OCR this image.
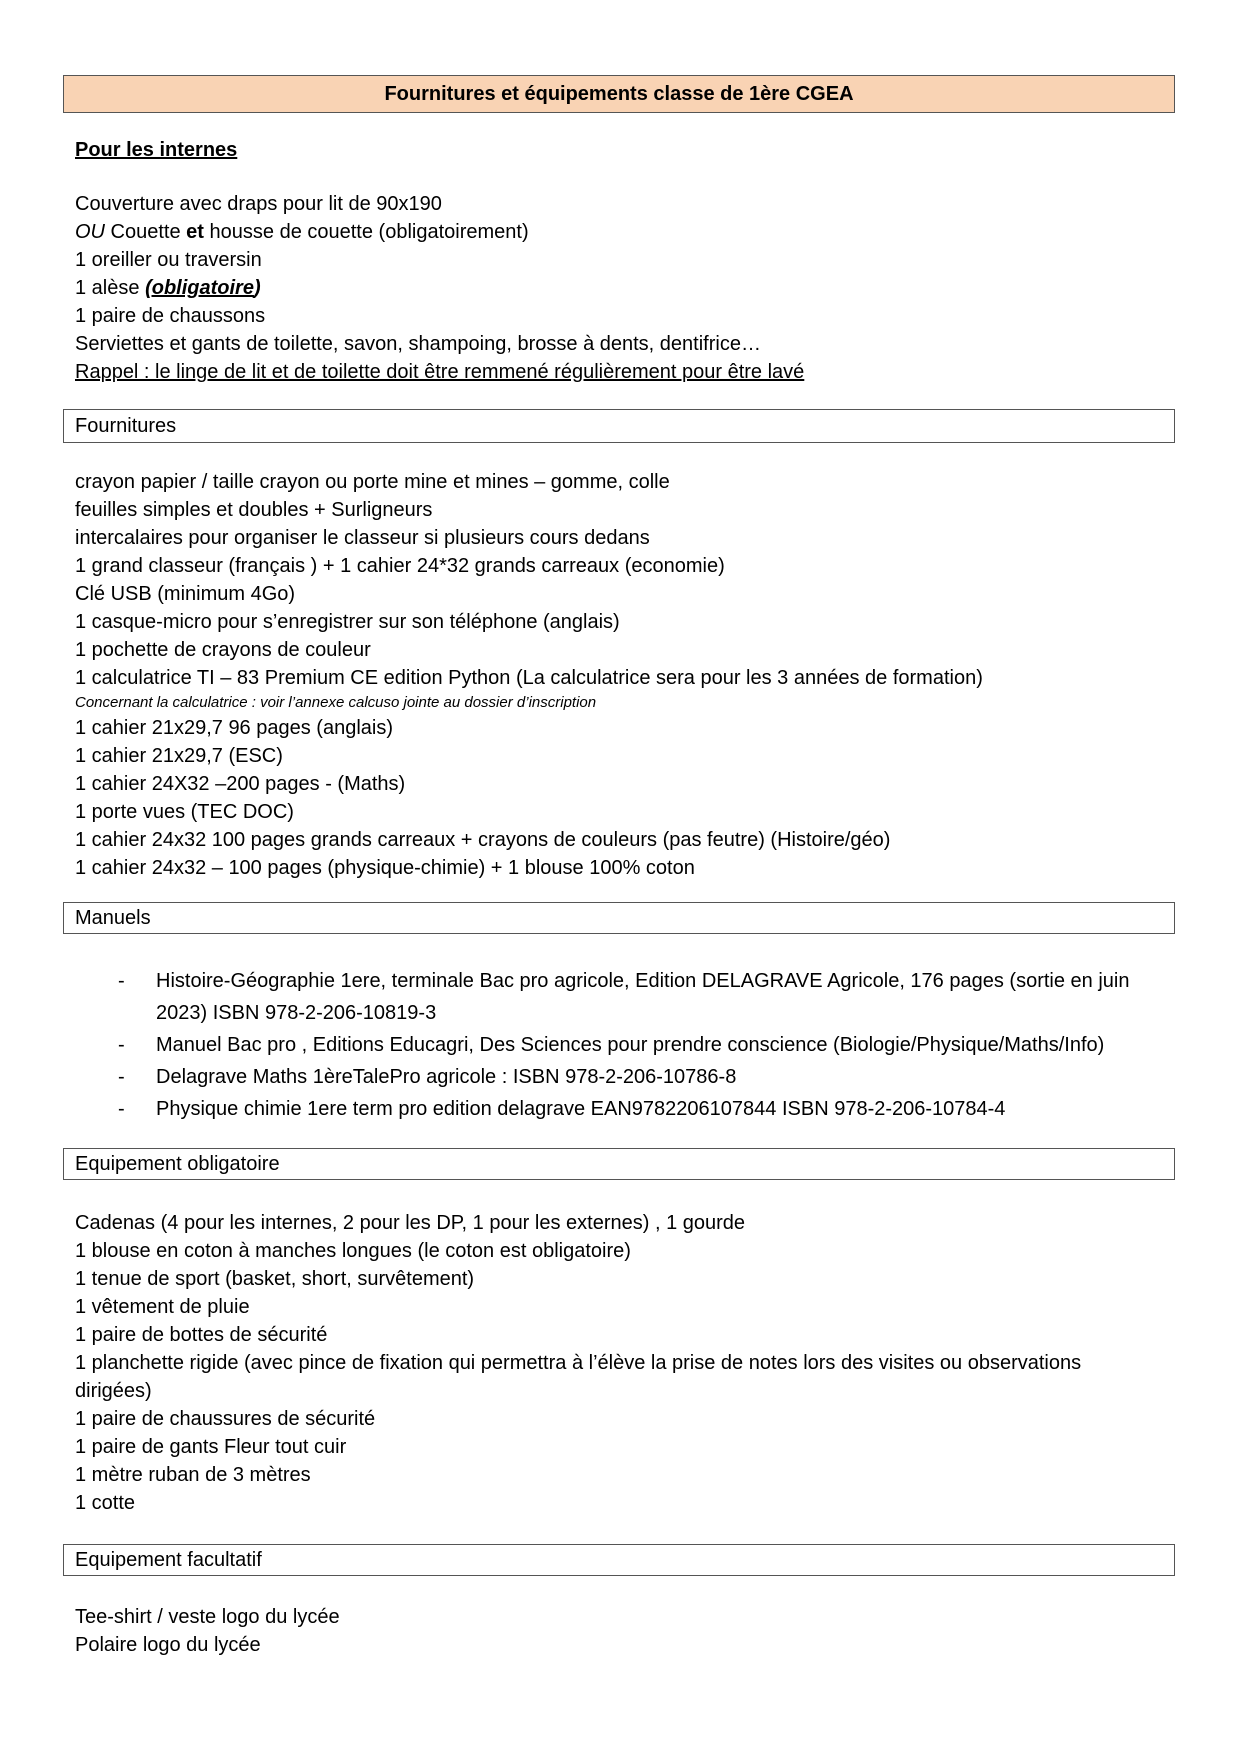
Fournitures et équipements classe de 1ère CGEA

Pour les internes

Couverture avec draps pour lit de 90x190

OU Couette et housse de couette (obligatoirement)

1 oreiller ou traversin

1 alèse (obligatoire)

1 paire de chaussons

Serviettes et gants de toilette, savon, shampoing, brosse à dents, dentifrice…

Rappel : le linge de lit et de toilette doit être remmené régulièrement pour être lavé

Fournitures

crayon papier / taille crayon ou porte mine et mines – gomme, colle

feuilles simples et doubles + Surligneurs

intercalaires pour organiser le classeur si plusieurs cours dedans

1 grand classeur (français ) + 1 cahier 24*32 grands carreaux (economie)

Clé USB (minimum 4Go)

1 casque-micro pour s’enregistrer sur son téléphone (anglais)

1 pochette de crayons de couleur

1 calculatrice TI – 83 Premium CE edition Python (La calculatrice sera pour les 3 années de formation)

Concernant la calculatrice : voir l’annexe calcuso jointe au dossier d’inscription

1 cahier 21x29,7 96 pages (anglais)

1 cahier 21x29,7 (ESC)

1 cahier 24X32 –200 pages - (Maths)

1 porte vues (TEC DOC)

1 cahier 24x32 100 pages grands carreaux + crayons de couleurs (pas feutre) (Histoire/géo)

1 cahier 24x32 – 100 pages (physique-chimie) + 1 blouse 100% coton

Manuels
- Histoire-Géographie 1ere, terminale Bac pro agricole, Edition DELAGRAVE Agricole, 176 pages (sortie en juin 2023) ISBN 978-2-206-10819-3
- Manuel Bac pro , Editions Educagri, Des Sciences pour prendre conscience (Biologie/Physique/Maths/Info)
- Delagrave Maths 1èreTalePro agricole : ISBN 978-2-206-10786-8
- Physique chimie 1ere term pro edition delagrave EAN9782206107844 ISBN 978-2-206-10784-4
Equipement obligatoire

Cadenas (4 pour les internes, 2 pour les DP, 1 pour les externes) , 1 gourde

1 blouse en coton à manches longues (le coton est obligatoire)

1 tenue de sport (basket, short, survêtement)

1 vêtement de pluie

1 paire de bottes de sécurité

1 planchette rigide (avec pince de fixation qui permettra à l’élève la prise de notes lors des visites ou observations

dirigées)

1 paire de chaussures de sécurité

1 paire de gants Fleur tout cuir

1 mètre ruban de 3 mètres

1 cotte

Equipement facultatif

Tee-shirt / veste logo du lycée

Polaire logo du lycée
